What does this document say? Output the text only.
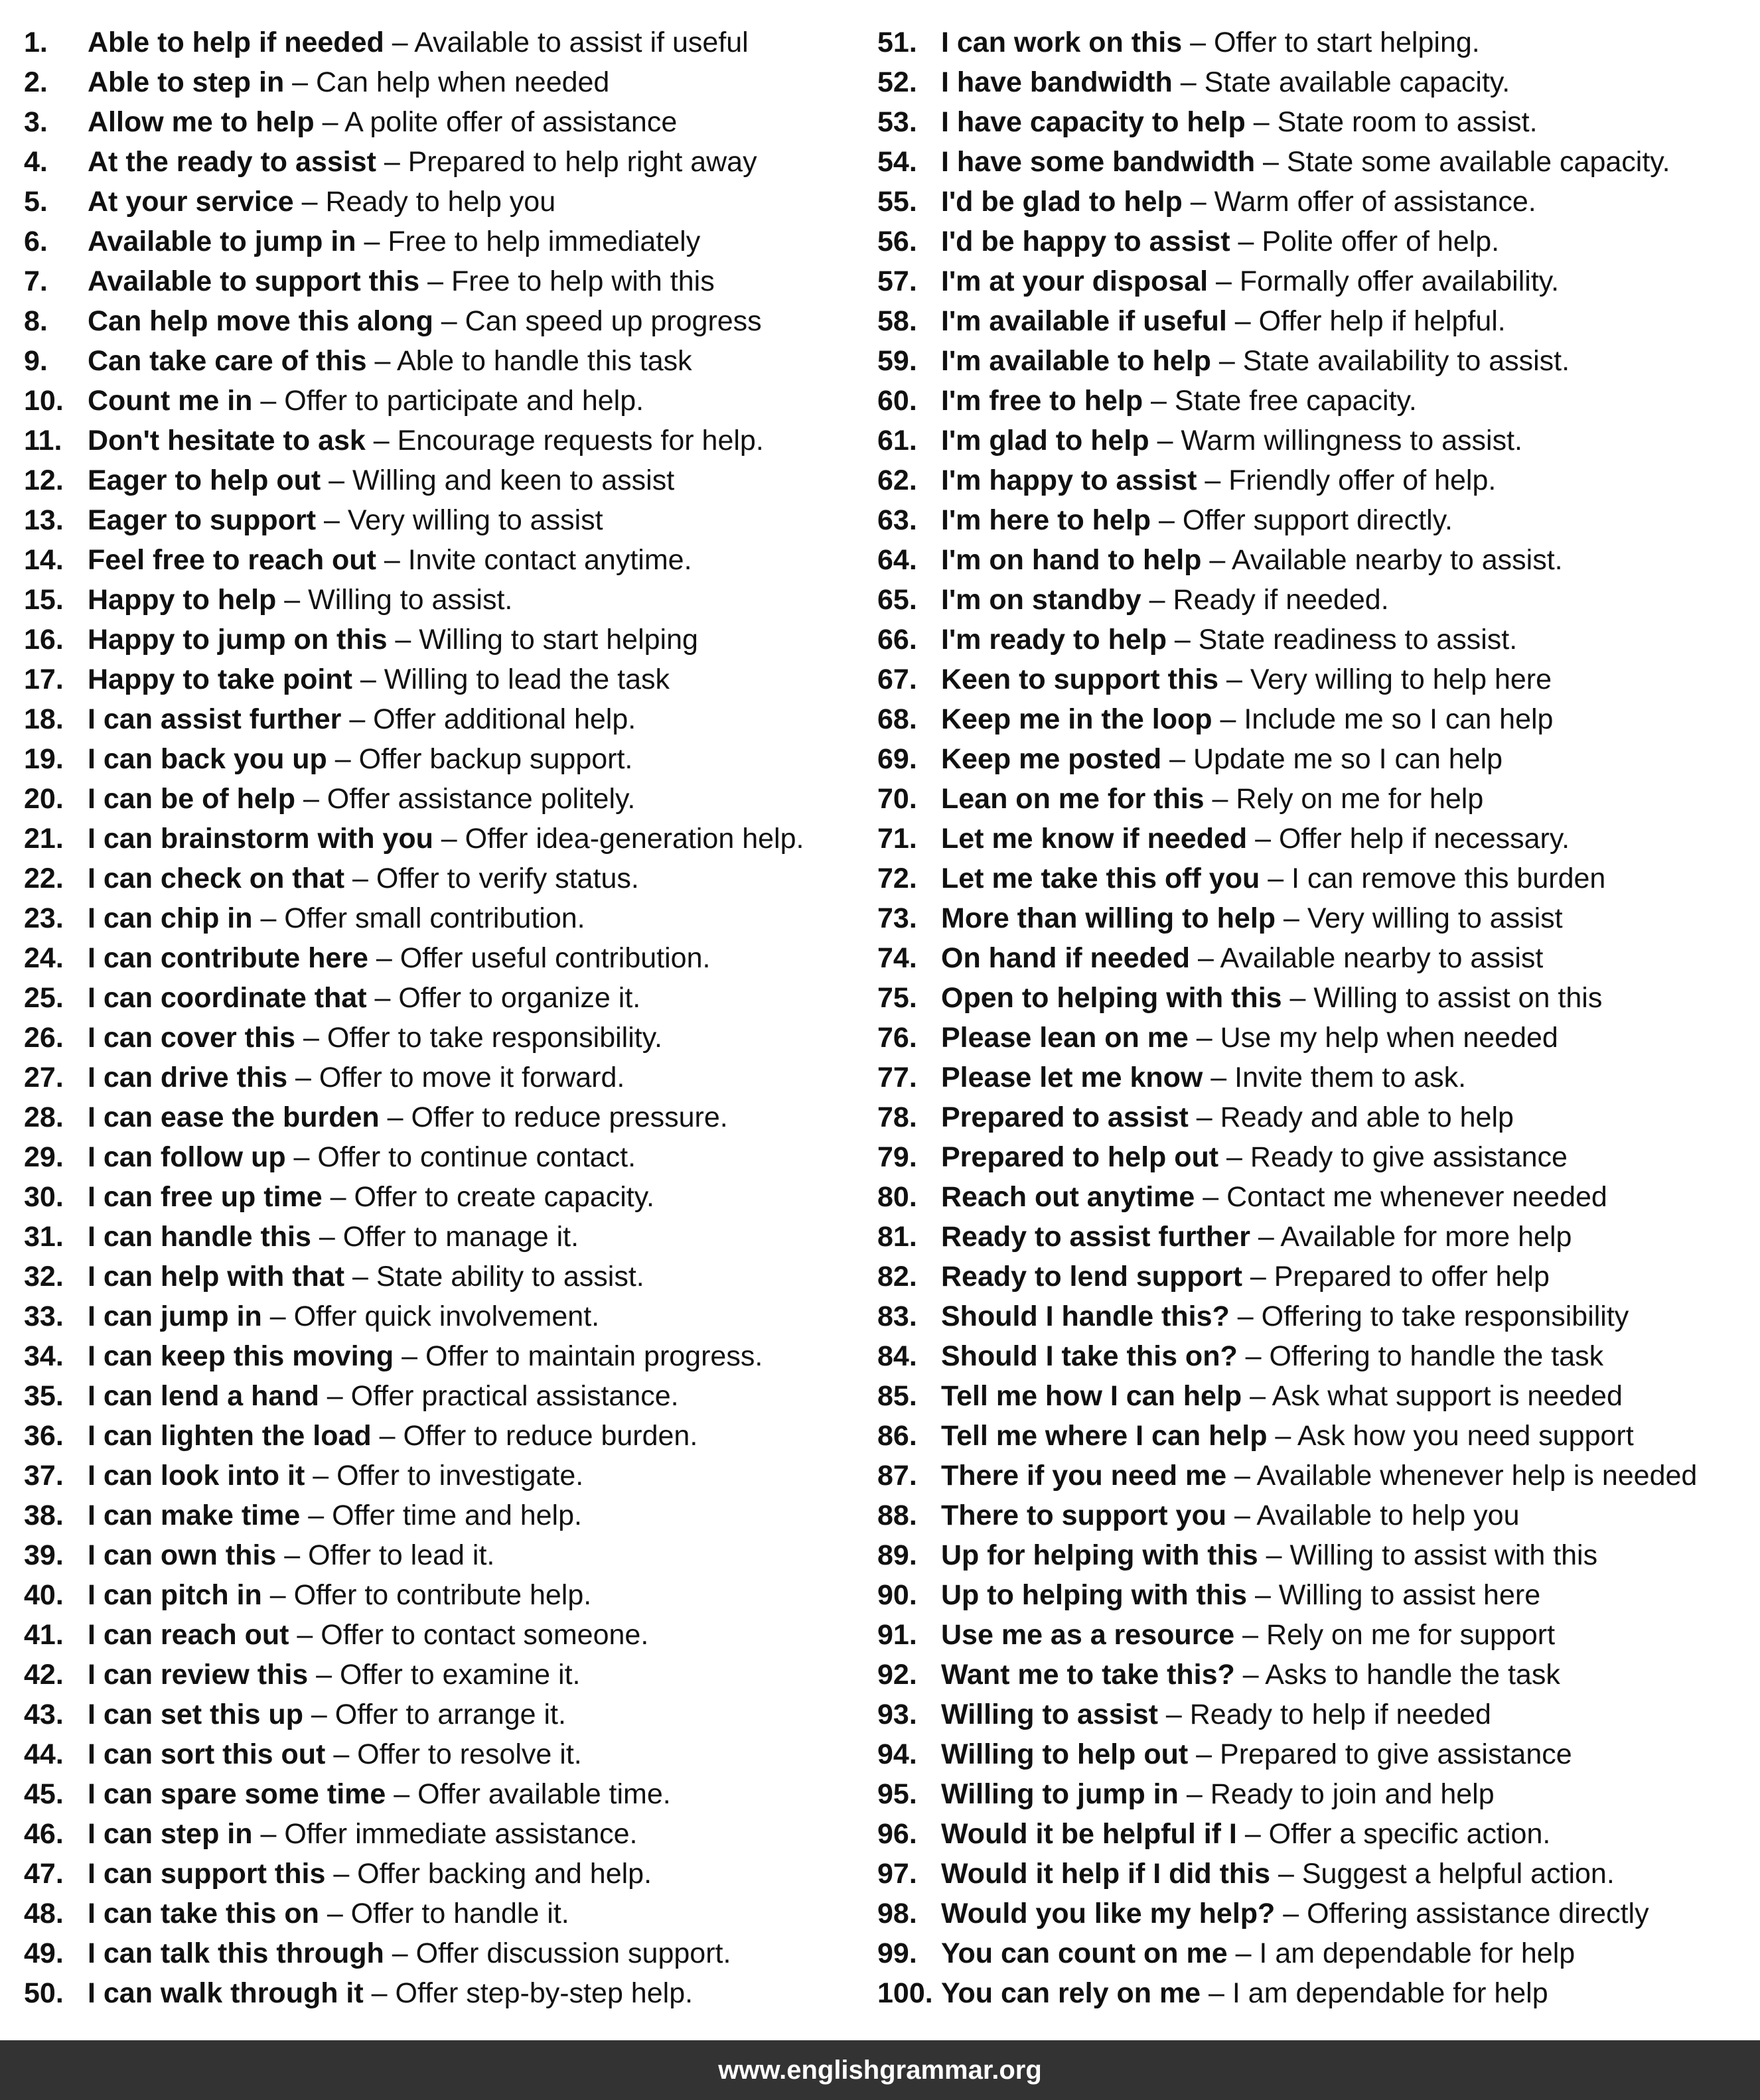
1. Able to help if needed – Available to assist if useful
2. Able to step in – Can help when needed
3. Allow me to help – A polite offer of assistance
4. At the ready to assist – Prepared to help right away
5. At your service – Ready to help you
6. Available to jump in – Free to help immediately
7. Available to support this – Free to help with this
8. Can help move this along – Can speed up progress
9. Can take care of this – Able to handle this task
10. Count me in – Offer to participate and help.
11. Don't hesitate to ask – Encourage requests for help.
12. Eager to help out – Willing and keen to assist
13. Eager to support – Very willing to assist
14. Feel free to reach out – Invite contact anytime.
15. Happy to help – Willing to assist.
16. Happy to jump on this – Willing to start helping
17. Happy to take point – Willing to lead the task
18. I can assist further – Offer additional help.
19. I can back you up – Offer backup support.
20. I can be of help – Offer assistance politely.
21. I can brainstorm with you – Offer idea-generation help.
22. I can check on that – Offer to verify status.
23. I can chip in – Offer small contribution.
24. I can contribute here – Offer useful contribution.
25. I can coordinate that – Offer to organize it.
26. I can cover this – Offer to take responsibility.
27. I can drive this – Offer to move it forward.
28. I can ease the burden – Offer to reduce pressure.
29. I can follow up – Offer to continue contact.
30. I can free up time – Offer to create capacity.
31. I can handle this – Offer to manage it.
32. I can help with that – State ability to assist.
33. I can jump in – Offer quick involvement.
34. I can keep this moving – Offer to maintain progress.
35. I can lend a hand – Offer practical assistance.
36. I can lighten the load – Offer to reduce burden.
37. I can look into it – Offer to investigate.
38. I can make time – Offer time and help.
39. I can own this – Offer to lead it.
40. I can pitch in – Offer to contribute help.
41. I can reach out – Offer to contact someone.
42. I can review this – Offer to examine it.
43. I can set this up – Offer to arrange it.
44. I can sort this out – Offer to resolve it.
45. I can spare some time – Offer available time.
46. I can step in – Offer immediate assistance.
47. I can support this – Offer backing and help.
48. I can take this on – Offer to handle it.
49. I can talk this through – Offer discussion support.
50. I can walk through it – Offer step-by-step help.
51. I can work on this – Offer to start helping.
52. I have bandwidth – State available capacity.
53. I have capacity to help – State room to assist.
54. I have some bandwidth – State some available capacity.
55. I'd be glad to help – Warm offer of assistance.
56. I'd be happy to assist – Polite offer of help.
57. I'm at your disposal – Formally offer availability.
58. I'm available if useful – Offer help if helpful.
59. I'm available to help – State availability to assist.
60. I'm free to help – State free capacity.
61. I'm glad to help – Warm willingness to assist.
62. I'm happy to assist – Friendly offer of help.
63. I'm here to help – Offer support directly.
64. I'm on hand to help – Available nearby to assist.
65. I'm on standby – Ready if needed.
66. I'm ready to help – State readiness to assist.
67. Keen to support this – Very willing to help here
68. Keep me in the loop – Include me so I can help
69. Keep me posted – Update me so I can help
70. Lean on me for this – Rely on me for help
71. Let me know if needed – Offer help if necessary.
72. Let me take this off you – I can remove this burden
73. More than willing to help – Very willing to assist
74. On hand if needed – Available nearby to assist
75. Open to helping with this – Willing to assist on this
76. Please lean on me – Use my help when needed
77. Please let me know – Invite them to ask.
78. Prepared to assist – Ready and able to help
79. Prepared to help out – Ready to give assistance
80. Reach out anytime – Contact me whenever needed
81. Ready to assist further – Available for more help
82. Ready to lend support – Prepared to offer help
83. Should I handle this? – Offering to take responsibility
84. Should I take this on? – Offering to handle the task
85. Tell me how I can help – Ask what support is needed
86. Tell me where I can help – Ask how you need support
87. There if you need me – Available whenever help is needed
88. There to support you – Available to help you
89. Up for helping with this – Willing to assist with this
90. Up to helping with this – Willing to assist here
91. Use me as a resource – Rely on me for support
92. Want me to take this? – Asks to handle the task
93. Willing to assist – Ready to help if needed
94. Willing to help out – Prepared to give assistance
95. Willing to jump in – Ready to join and help
96. Would it be helpful if I – Offer a specific action.
97. Would it help if I did this – Suggest a helpful action.
98. Would you like my help? – Offering assistance directly
99. You can count on me – I am dependable for help
100. You can rely on me – I am dependable for help
www.englishgrammar.org
